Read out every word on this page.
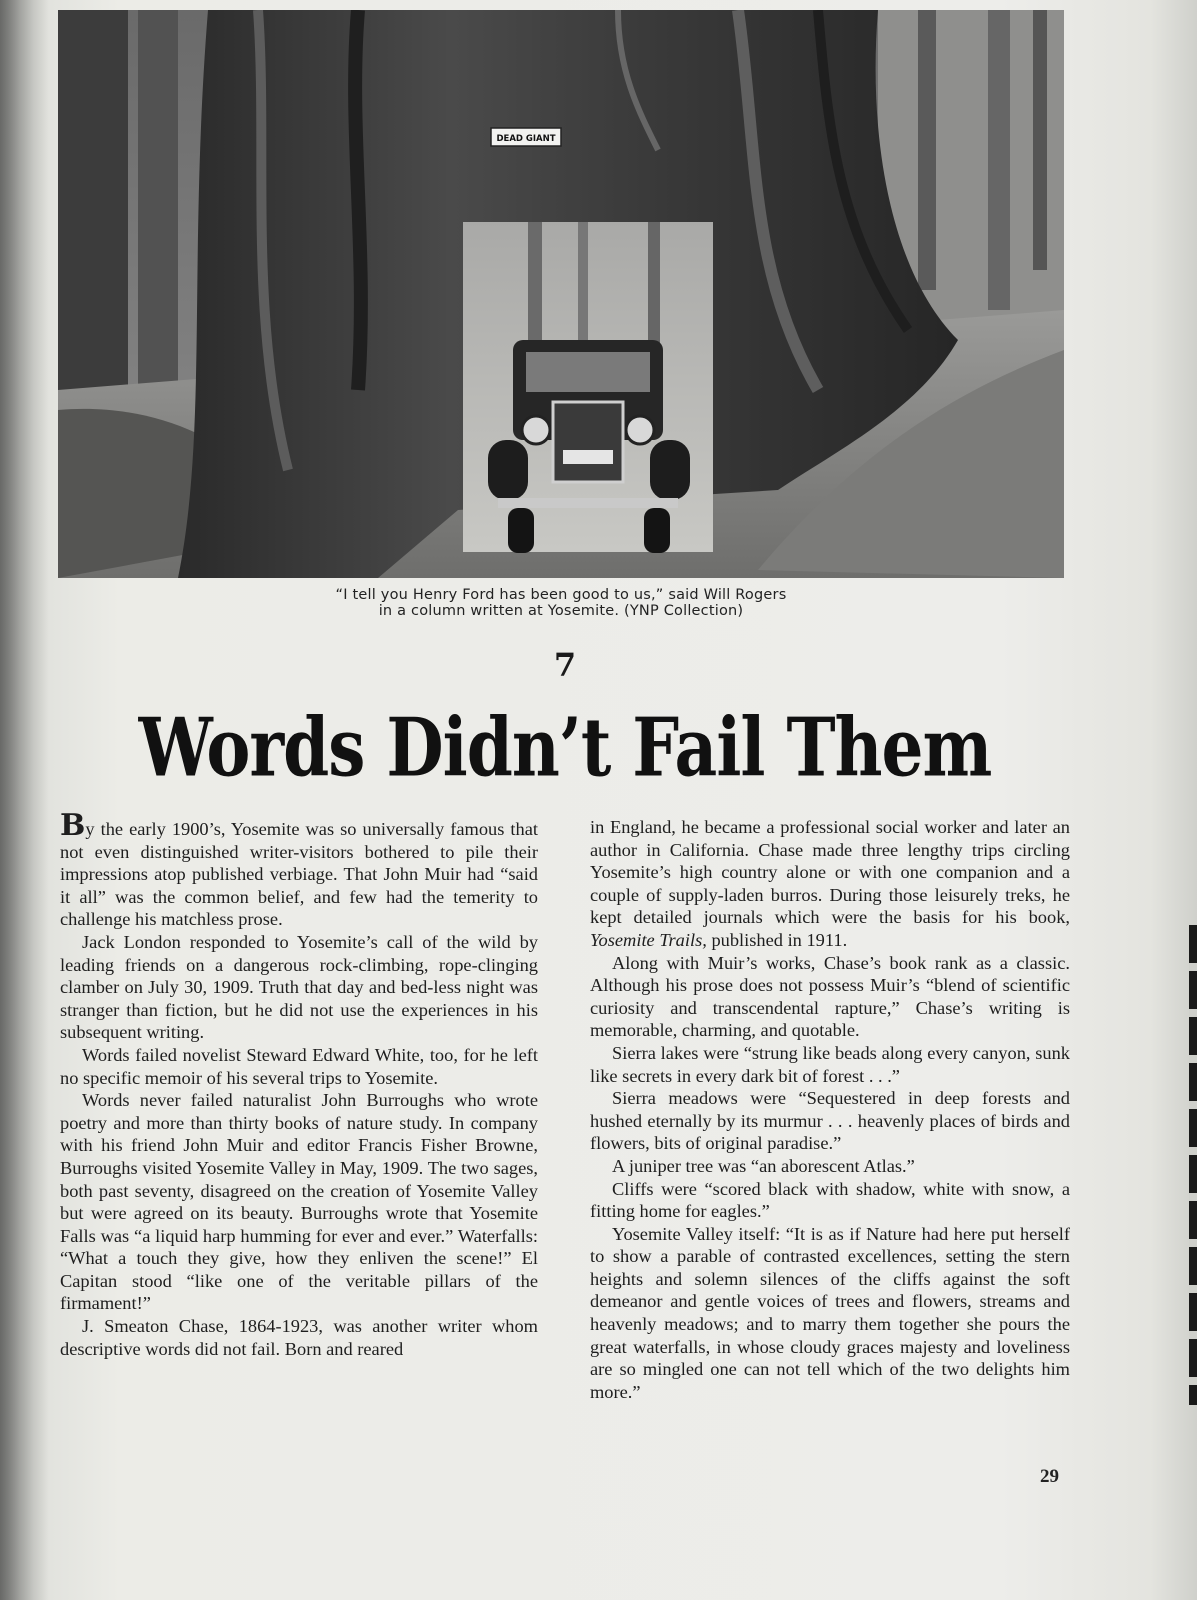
DEAD GIANT
“I tell you Henry Ford has been good to us,” said Will Rogers
in a column written at Yosemite. (YNP Collection)
7
Words Didn’t Fail Them

By the early 1900’s, Yosemite was so universally famous that not even distinguished writer-visitors bothered to pile their impressions atop published verbiage. That John Muir had “said it all” was the common belief, and few had the temerity to challenge his matchless prose.

Jack London responded to Yosemite’s call of the wild by leading friends on a dangerous rock-climbing, rope-clinging clamber on July 30, 1909. Truth that day and bed-less night was stranger than fiction, but he did not use the experiences in his subsequent writing.

Words failed novelist Steward Edward White, too, for he left no specific memoir of his several trips to Yosemite.

Words never failed naturalist John Burroughs who wrote poetry and more than thirty books of nature study. In company with his friend John Muir and editor Francis Fisher Browne, Burroughs visited Yosemite Valley in May, 1909. The two sages, both past seventy, disagreed on the creation of Yosemite Valley but were agreed on its beauty. Burroughs wrote that Yosemite Falls was “a liquid harp humming for ever and ever.” Waterfalls: “What a touch they give, how they enliven the scene!” El Capitan stood “like one of the veritable pillars of the firmament!”

J. Smeaton Chase, 1864-1923, was another writer whom descriptive words did not fail. Born and reared

in England, he became a professional social worker and later an author in California. Chase made three lengthy trips circling Yosemite’s high country alone or with one companion and a couple of supply-laden burros. During those leisurely treks, he kept detailed journals which were the basis for his book, Yosemite Trails, published in 1911.

Along with Muir’s works, Chase’s book rank as a classic. Although his prose does not possess Muir’s “blend of scientific curiosity and transcendental rapture,” Chase’s writing is memorable, charming, and quotable.

Sierra lakes were “strung like beads along every canyon, sunk like secrets in every dark bit of forest . . .”

Sierra meadows were “Sequestered in deep forests and hushed eternally by its murmur . . . heavenly places of birds and flowers, bits of original paradise.”

A juniper tree was “an aborescent Atlas.”

Cliffs were “scored black with shadow, white with snow, a fitting home for eagles.”

Yosemite Valley itself: “It is as if Nature had here put herself to show a parable of contrasted excellences, setting the stern heights and solemn silences of the cliffs against the soft demeanor and gentle voices of trees and flowers, streams and heavenly meadows; and to marry them together she pours the great waterfalls, in whose cloudy graces majesty and loveliness are so mingled one can not tell which of the two delights him more.”

29
